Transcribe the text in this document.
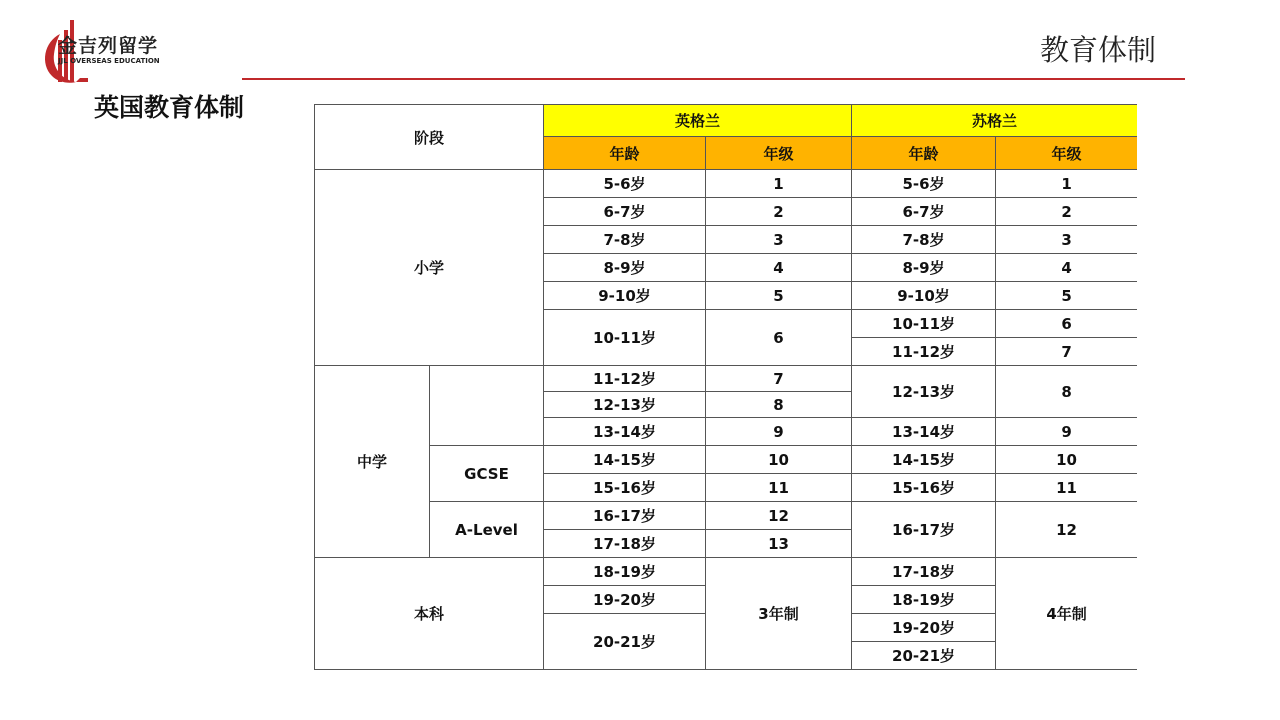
金吉列留学
JJL OVERSEAS EDUCATION	教育体制
英国教育体制
阶段		英格兰		苏格兰	
		年龄	年级	年龄	年级
小学		5-6岁	1	5-6岁	1
		6-7岁	2	6-7岁	2
		7-8岁	3	7-8岁	3
		8-9岁	4	8-9岁	4
		9-10岁	5	9-10岁	5
		10-11岁	6	10-11岁	6
				11-12岁	7
中学		11-12岁	7	12-13岁	8
		12-13岁	8		
		13-14岁	9	13-14岁	9
	GCSE	14-15岁	10	14-15岁	10
		15-16岁	11	15-16岁	11
	A-Level	16-17岁	12	16-17岁	12
		17-18岁	13		
本科		18-19岁	3年制	17-18岁	4年制
		19-20岁		18-19岁	
		20-21岁		19-20岁	
				20-21岁	
